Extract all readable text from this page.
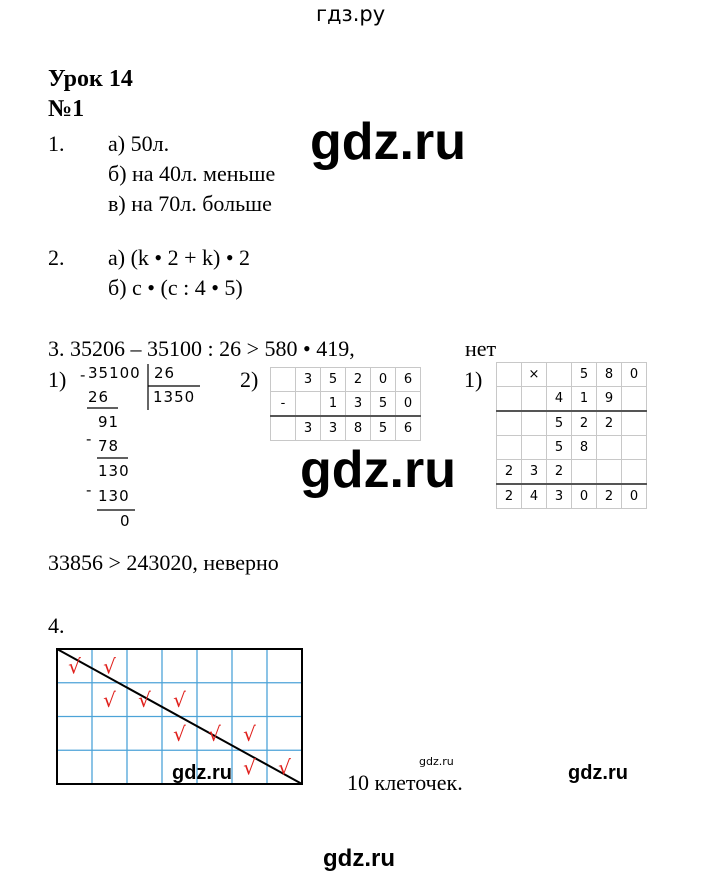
гдз.ру
Урок 14
№1
1. а) 50л.
б) на 40л. меньше
в) на 70л. больше
gdz.ru
2. а) (k • 2 + k) • 2
б) c • (c : 4 • 5)
3. 35206 – 35100 : 26 > 580 • 419,	нет
1)	2)	1)
- 35100 26
1350
26
-
91
78
-
130
130
0
	3	5	2	0	6
-		1	3	5	0
	3	3	8	5	6
	×		5	8	0
		4	1	9	
		5	2	2	
		5	8		
2	3	2			
2	4	3	0	2	0
gdz.ru
33856 > 243020, неверно
4.
√ √
√ √ √
√ √ √
√ √
gdz.ru
gdz.ru
10 клеточек.	gdz.ru
gdz.ru
